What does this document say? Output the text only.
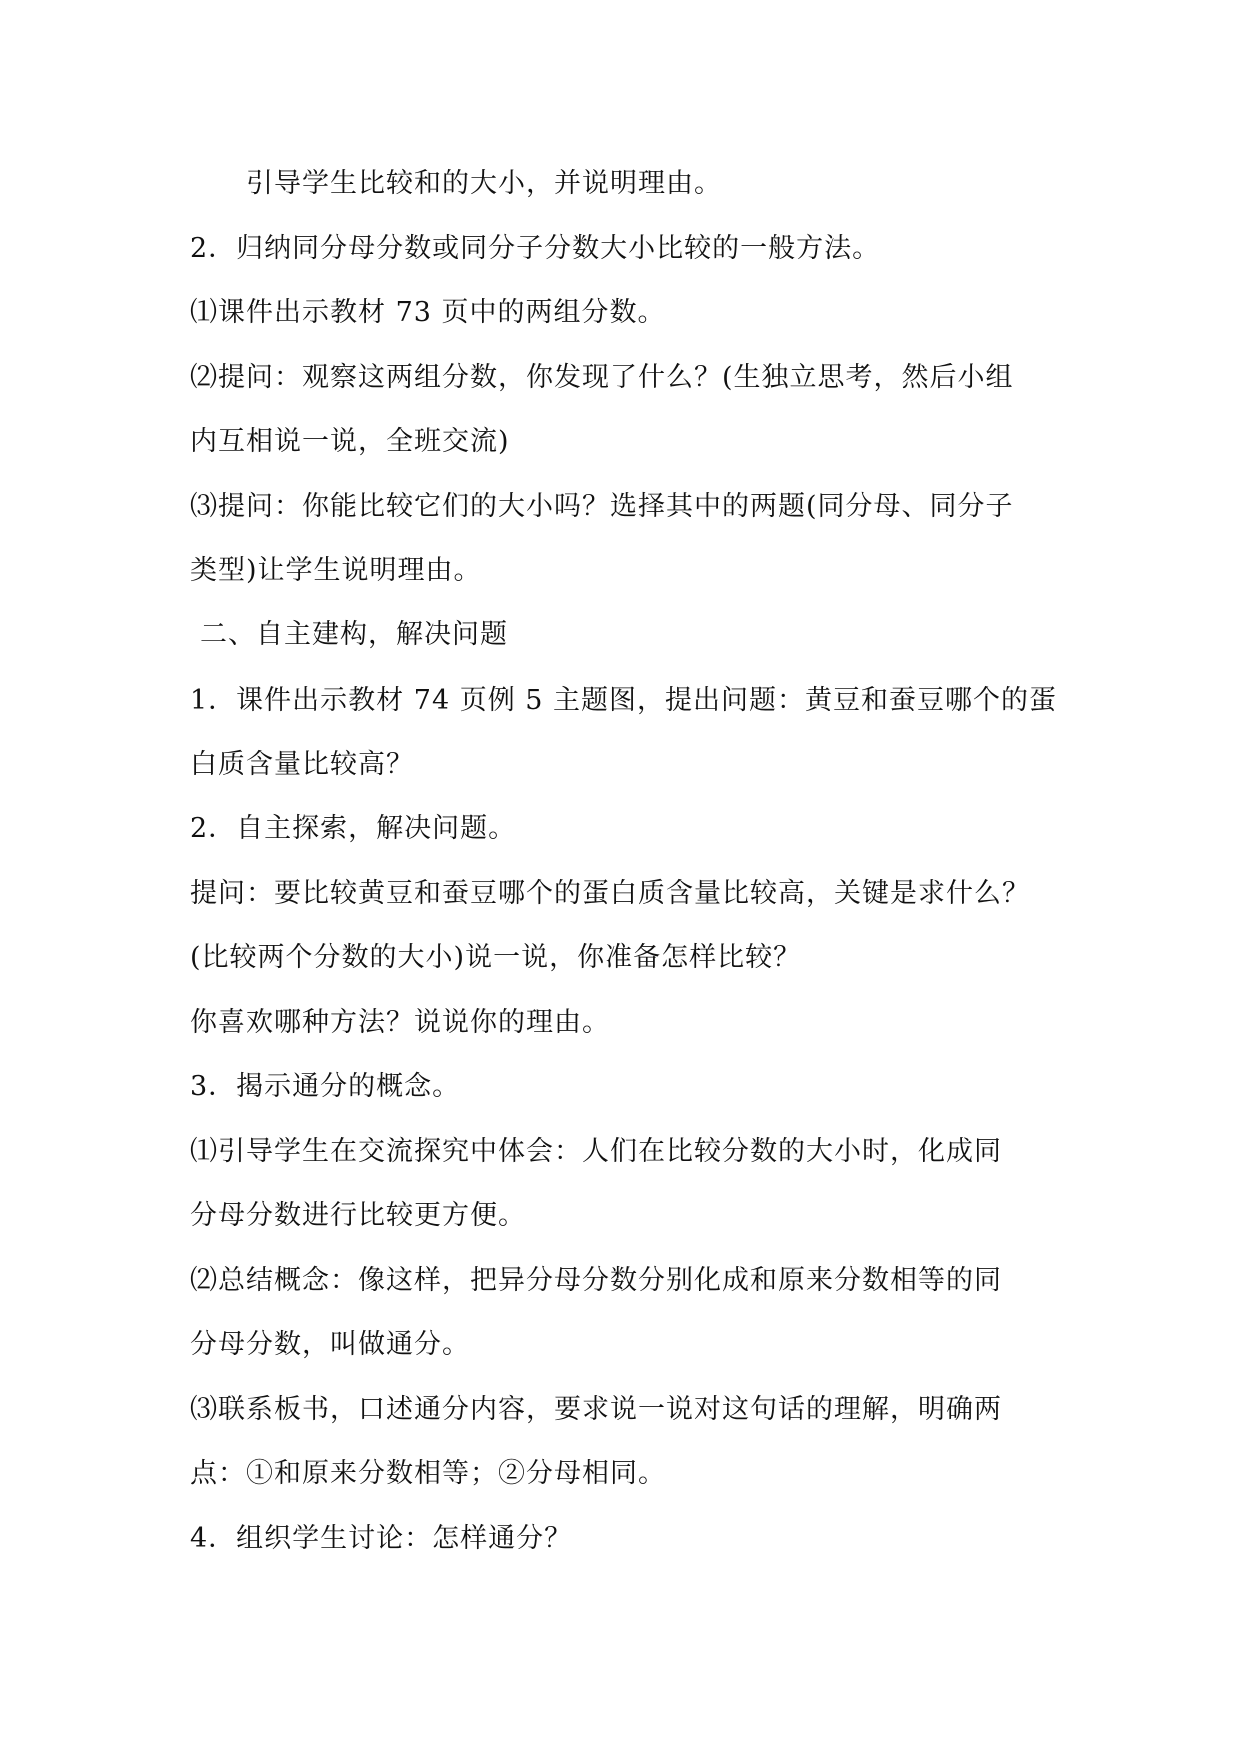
引导学生比较和的大小，并说明理由。
2．归纳同分母分数或同分子分数大小比较的一般方法。
⑴课件出示教材 73 页中的两组分数。
⑵提问：观察这两组分数，你发现了什么？(生独立思考，然后小组
内互相说一说，全班交流)
⑶提问：你能比较它们的大小吗？选择其中的两题(同分母、同分子
类型)让学生说明理由。
二、自主建构，解决问题
1．课件出示教材 74 页例 5 主题图，提出问题：黄豆和蚕豆哪个的蛋
白质含量比较高？
2．自主探索，解决问题。
提问：要比较黄豆和蚕豆哪个的蛋白质含量比较高，关键是求什么？
(比较两个分数的大小)说一说，你准备怎样比较？
你喜欢哪种方法？说说你的理由。
3．揭示通分的概念。
⑴引导学生在交流探究中体会：人们在比较分数的大小时，化成同
分母分数进行比较更方便。
⑵总结概念：像这样，把异分母分数分别化成和原来分数相等的同
分母分数，叫做通分。
⑶联系板书，口述通分内容，要求说一说对这句话的理解，明确两
点：①和原来分数相等；②分母相同。
4．组织学生讨论：怎样通分？
